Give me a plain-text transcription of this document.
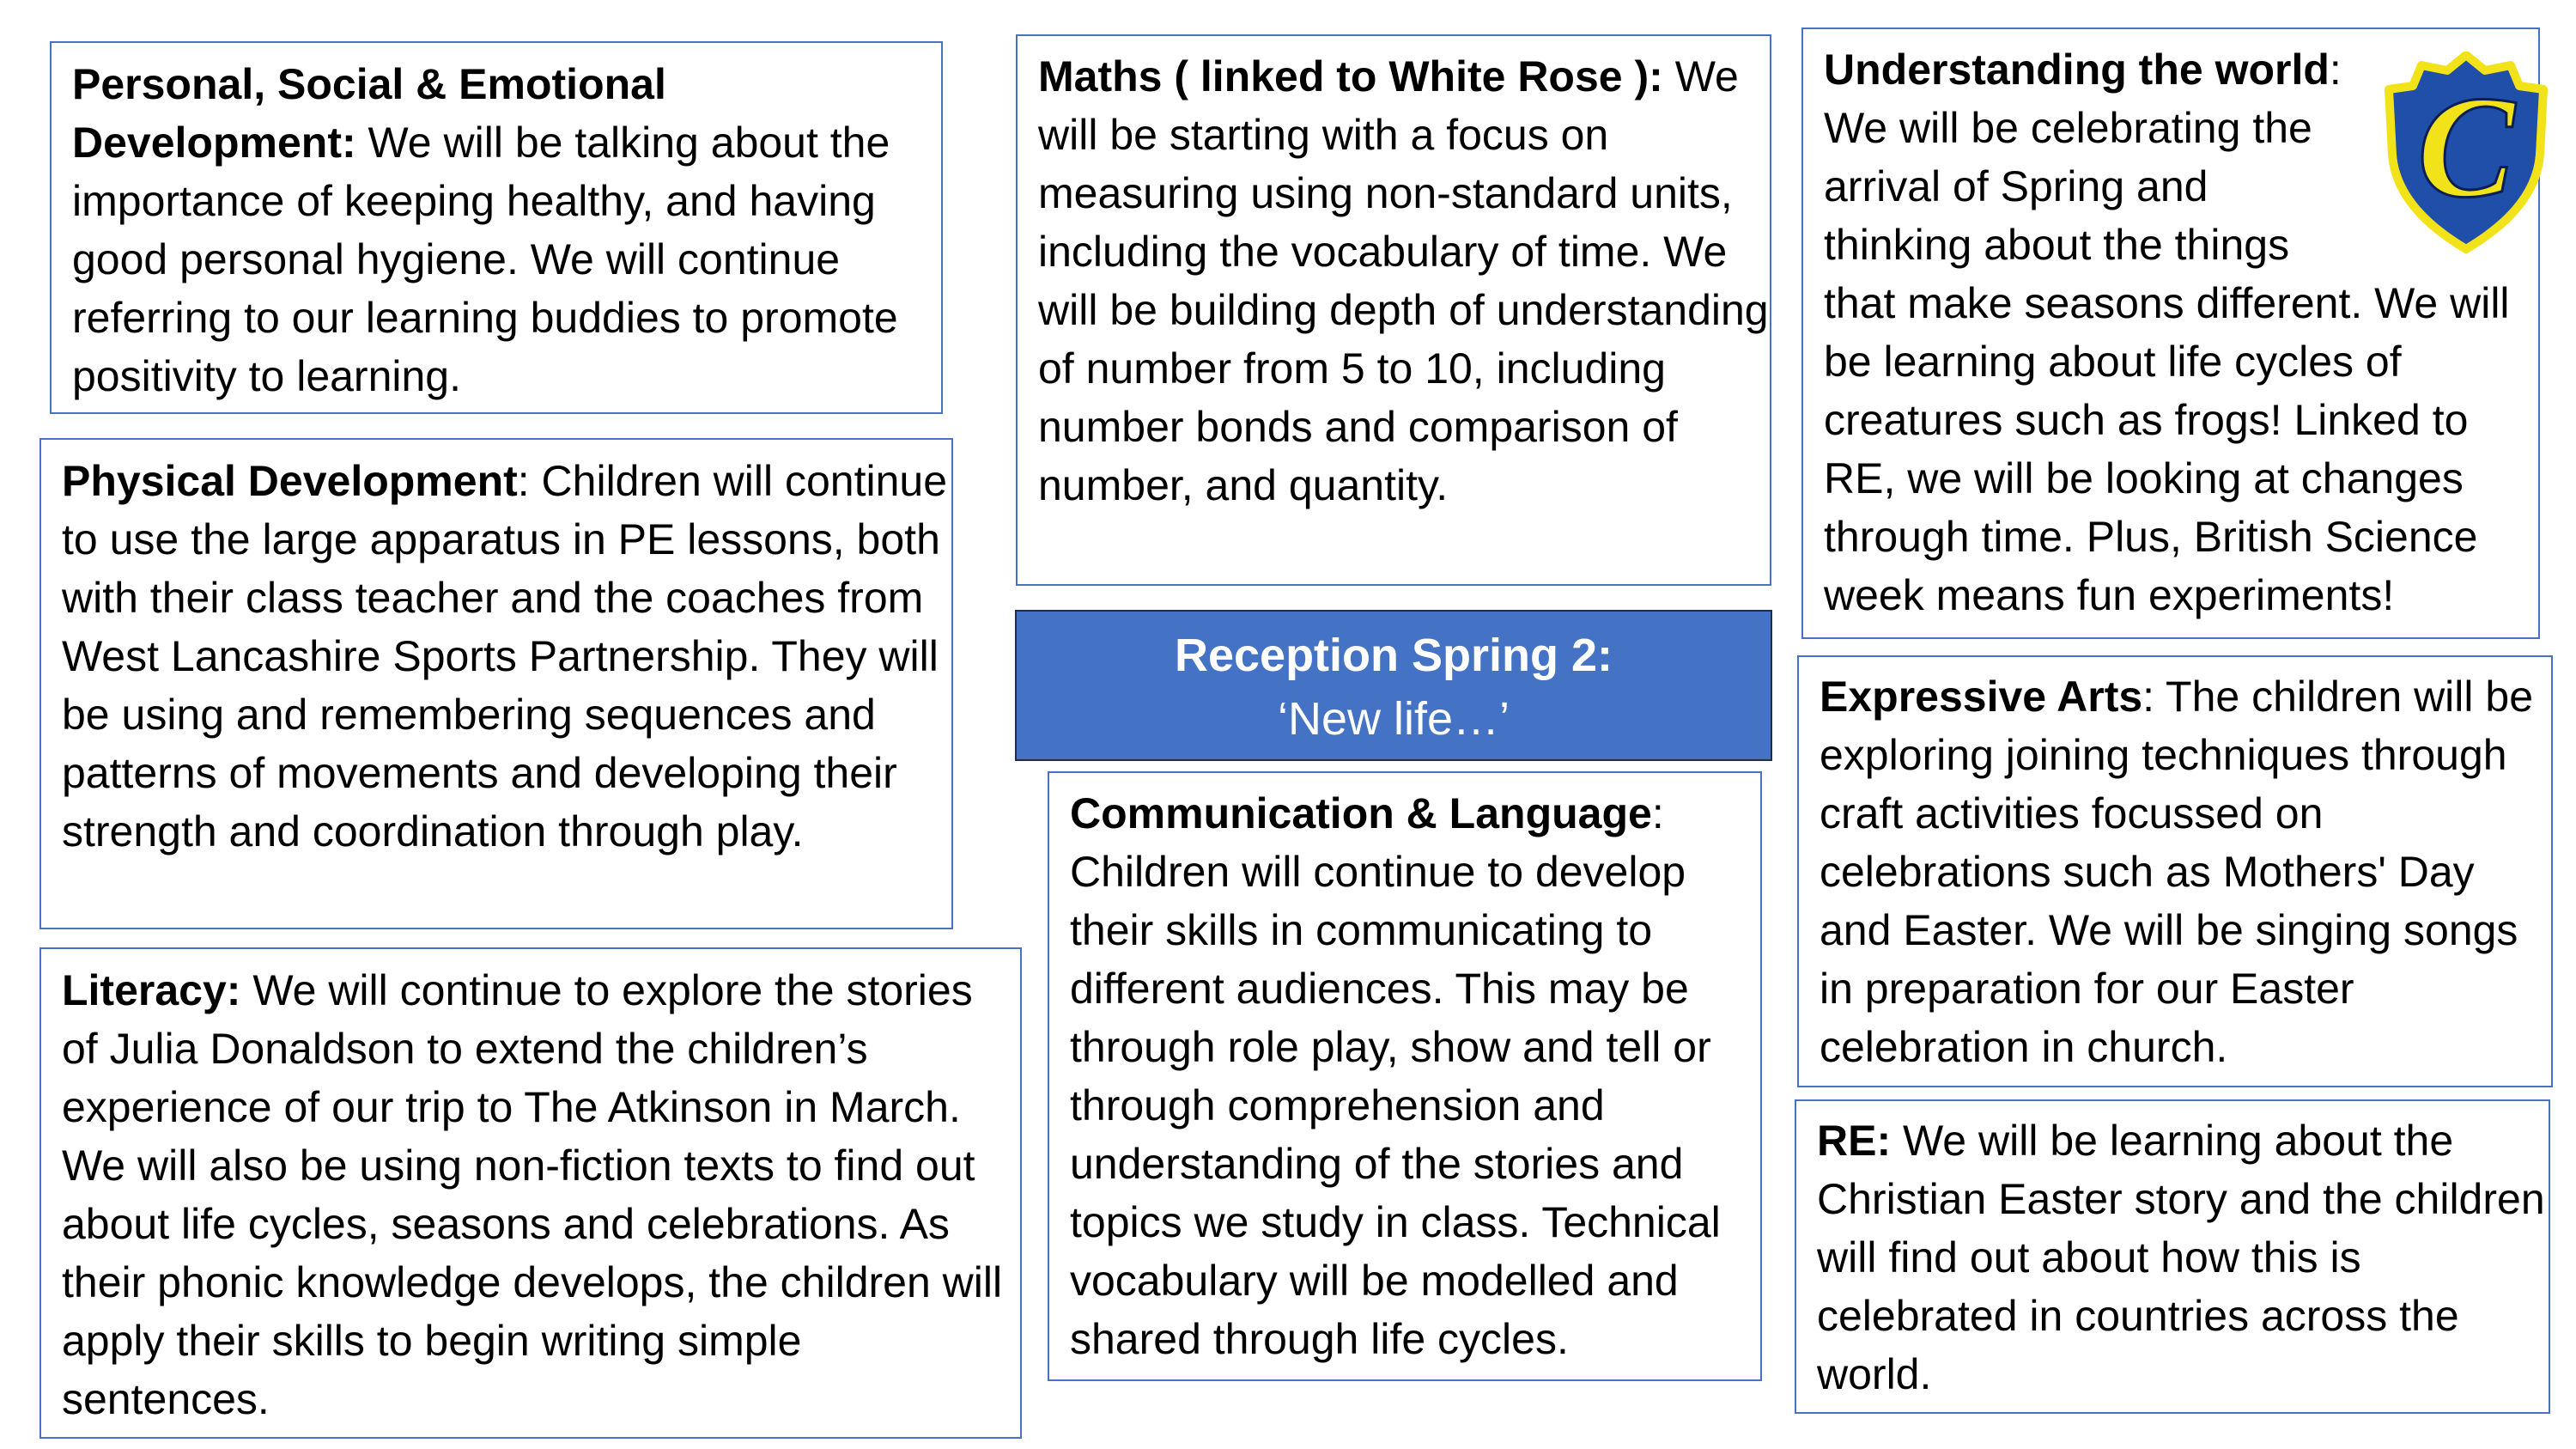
Personal, Social & Emotional Development: We will be talking about the importance of keeping healthy, and having good personal hygiene. We will continue referring to our learning buddies to promote positivity to learning.
Physical Development: Children will continue to use the large apparatus in PE lessons, both with their class teacher and the coaches from West Lancashire Sports Partnership. They will be using and remembering sequences and patterns of movements and developing their strength and coordination through play.
Literacy: We will continue to explore the stories of Julia Donaldson to extend the children’s experience of our trip to The Atkinson in March. We will also be using non-fiction texts to find out about life cycles, seasons and celebrations. As their phonic knowledge develops, the children will apply their skills to begin writing simple sentences.
Maths ( linked to White Rose ): We will be starting with a focus on measuring using non-standard units, including the vocabulary of time. We will be building depth of understanding of number from 5 to 10, including number bonds and comparison of number, and quantity.
Reception Spring 2:
‘New life…’
Communication & Language: Children will continue to develop their skills in communicating to different audiences. This may be through role play, show and tell or through comprehension and understanding of the stories and topics we study in class. Technical vocabulary will be modelled and shared through life cycles.
Understanding the world:
We will be celebrating the
arrival of Spring and
thinking about the things
that make seasons different. We will be learning about life cycles of creatures such as frogs! Linked to RE, we will be looking at changes through time. Plus, British Science week means fun experiments!
Expressive Arts: The children will be exploring joining techniques through craft activities focussed on celebrations such as Mothers' Day and Easter. We will be singing songs in preparation for our Easter celebration in church.
RE: We will be learning about the Christian Easter story and the children will find out about how this is celebrated in countries across the world.
C
